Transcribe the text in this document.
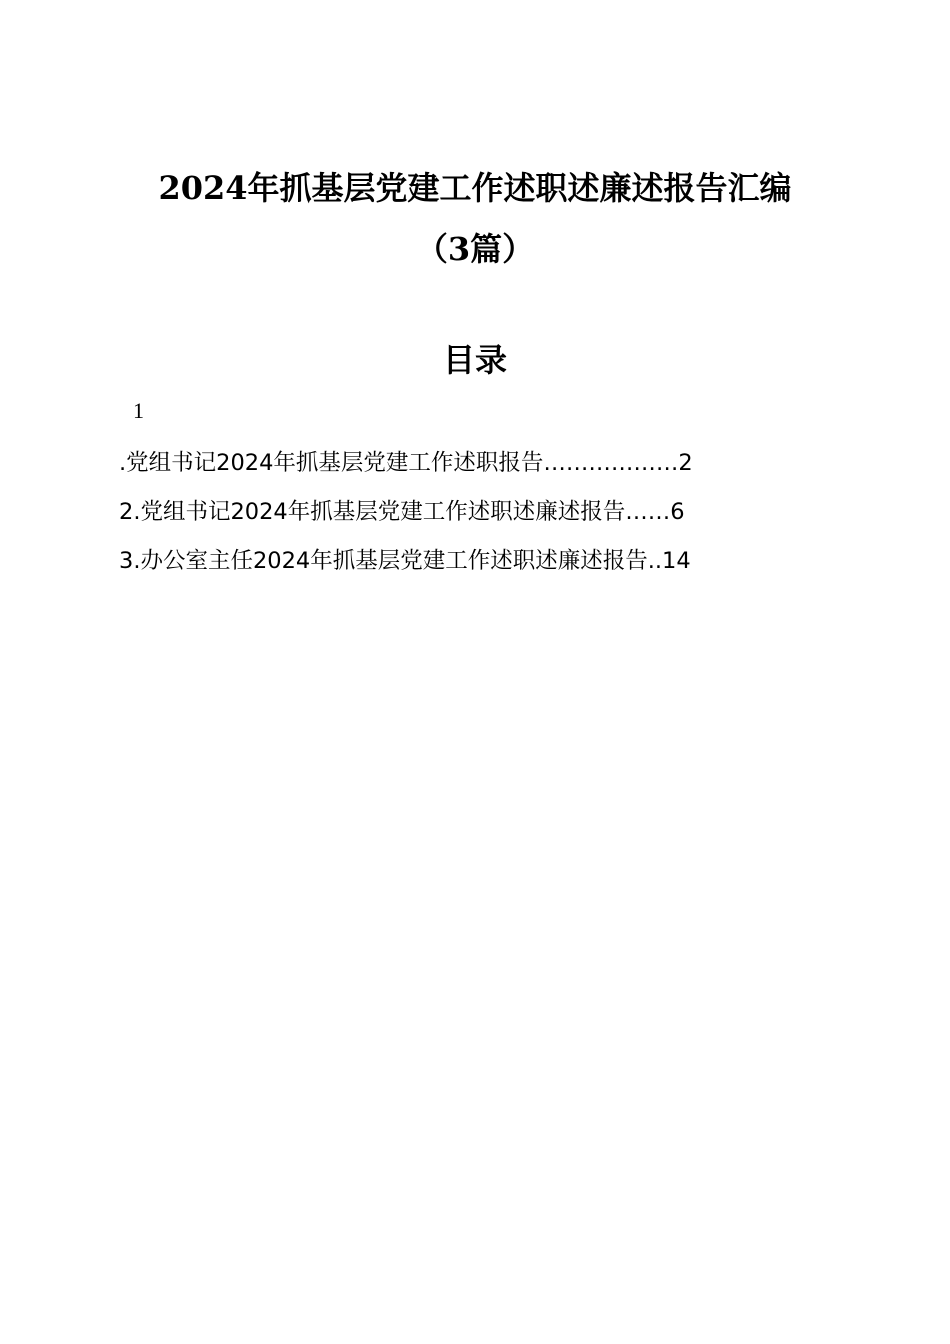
2024年抓基层党建工作述职述廉述报告汇编
（3篇）
目录
1
.党组书记2024年抓基层党建工作述职报告………………2
2.党组书记2024年抓基层党建工作述职述廉述报告……6
3.办公室主任2024年抓基层党建工作述职述廉述报告..14
